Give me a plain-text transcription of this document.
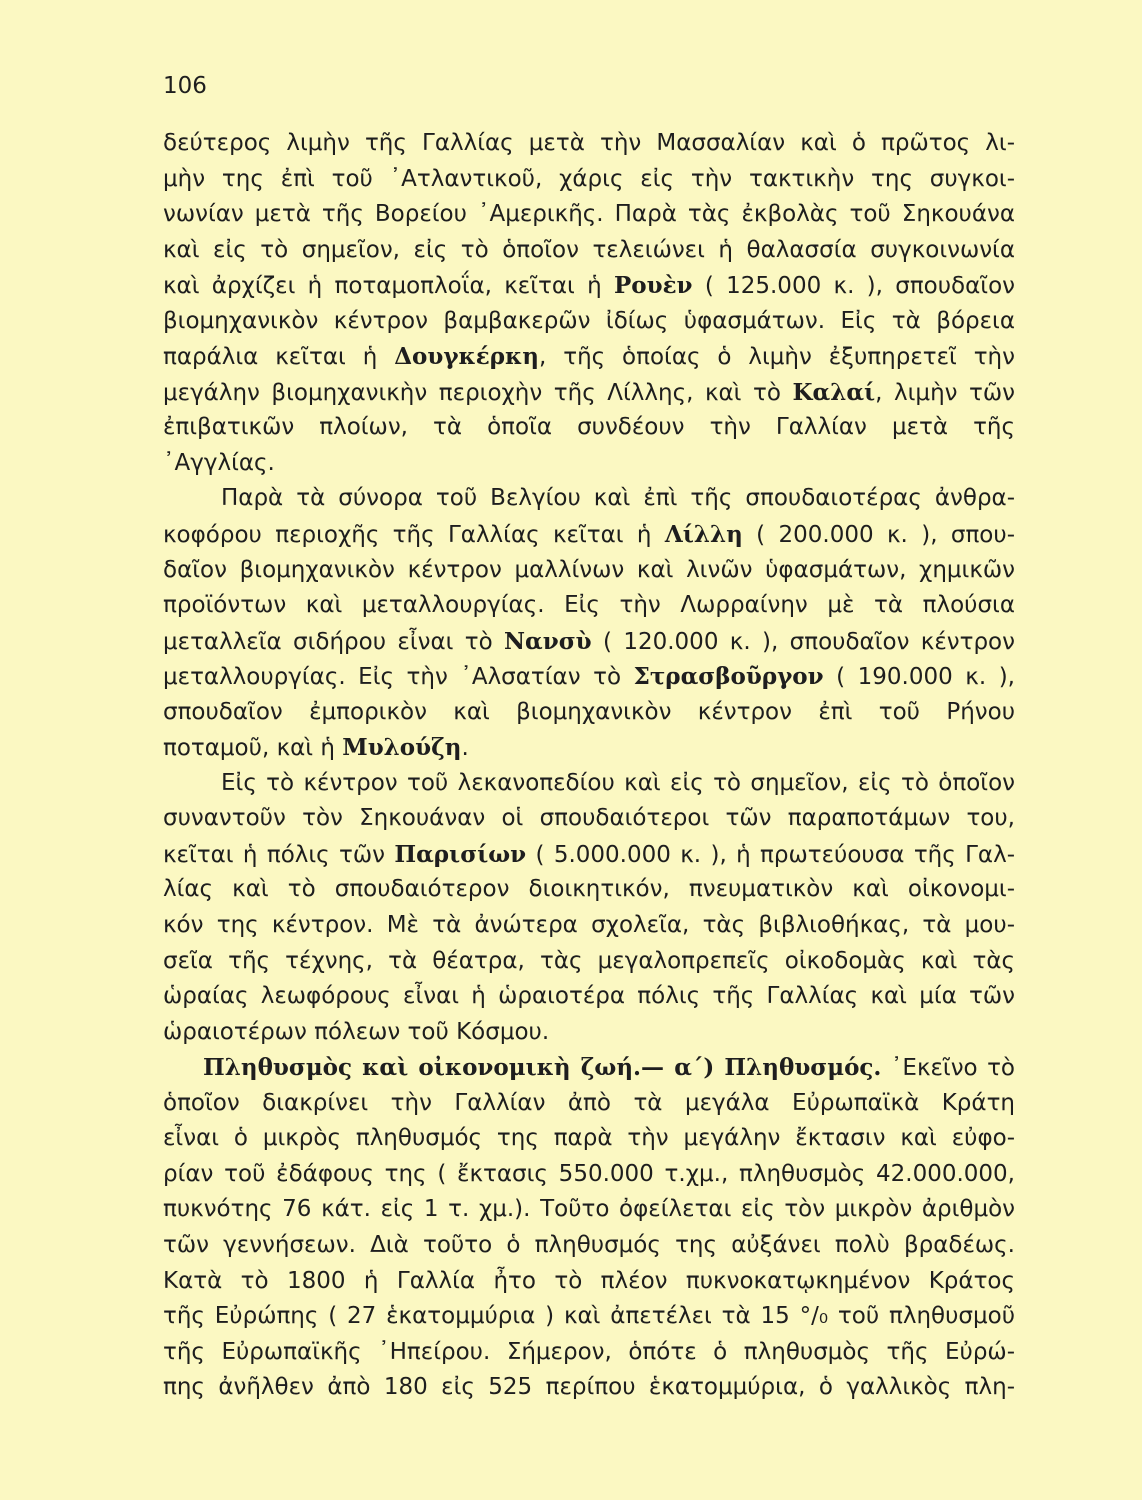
106
δεύτερος λιμὴν τῆς Γαλλίας μετὰ τὴν Μασσαλίαν καὶ ὁ πρῶτος λι-
μὴν της ἐπὶ τοῦ ᾿Ατλαντικοῦ, χάρις εἰς τὴν τακτικὴν της συγκοι-
νωνίαν μετὰ τῆς Βορείου ᾿Αμερικῆς. Παρὰ τὰς ἐκβολὰς τοῦ Σηκουάνα
καὶ εἰς τὸ σημεῖον, εἰς τὸ ὁποῖον τελειώνει ἡ θαλασσία συγκοινωνία
καὶ ἀρχίζει ἡ ποταμοπλοΐα, κεῖται ἡ Ρουὲν ( 125.000 κ. ), σπουδαῖον
βιομηχανικὸν κέντρον βαμβακερῶν ἰδίως ὑφασμάτων. Εἰς τὰ βόρεια
παράλια κεῖται ἡ Δουγκέρκη, τῆς ὁποίας ὁ λιμὴν ἐξυπηρετεῖ τὴν
μεγάλην βιομηχανικὴν περιοχὴν τῆς Λίλλης, καὶ τὸ Καλαί, λιμὴν τῶν
ἐπιβατικῶν πλοίων, τὰ ὁποῖα συνδέουν τὴν Γαλλίαν μετὰ τῆς
᾿Αγγλίας.
Παρὰ τὰ σύνορα τοῦ Βελγίου καὶ ἐπὶ τῆς σπουδαιοτέρας ἀνθρα-
κοφόρου περιοχῆς τῆς Γαλλίας κεῖται ἡ Λίλλη ( 200.000 κ. ), σπου-
δαῖον βιομηχανικὸν κέντρον μαλλίνων καὶ λινῶν ὑφασμάτων, χημικῶν
προϊόντων καὶ μεταλλουργίας. Εἰς τὴν Λωρραίνην μὲ τὰ πλούσια
μεταλλεῖα σιδήρου εἶναι τὸ Νανσὺ ( 120.000 κ. ), σπουδαῖον κέντρον
μεταλλουργίας. Εἰς τὴν ᾿Αλσατίαν τὸ Στρασβοῦργον ( 190.000 κ. ),
σπουδαῖον ἐμπορικὸν καὶ βιομηχανικὸν κέντρον ἐπὶ τοῦ Ρήνου
ποταμοῦ, καὶ ἡ Μυλούζη.
Εἰς τὸ κέντρον τοῦ λεκανοπεδίου καὶ εἰς τὸ σημεῖον, εἰς τὸ ὁποῖον
συναντοῦν τὸν Σηκουάναν οἱ σπουδαιότεροι τῶν παραποτάμων του,
κεῖται ἡ πόλις τῶν Παρισίων ( 5.000.000 κ. ), ἡ πρωτεύουσα τῆς Γαλ-
λίας καὶ τὸ σπουδαιότερον διοικητικόν, πνευματικὸν καὶ οἰκονομι-
κόν της κέντρον. Μὲ τὰ ἀνώτερα σχολεῖα, τὰς βιβλιοθήκας, τὰ μου-
σεῖα τῆς τέχνης, τὰ θέατρα, τὰς μεγαλοπρεπεῖς οἰκοδομὰς καὶ τὰς
ὡραίας λεωφόρους εἶναι ἡ ὡραιοτέρα πόλις τῆς Γαλλίας καὶ μία τῶν
ὡραιοτέρων πόλεων τοῦ Κόσμου.
Πληθυσμὸς καὶ οἰκονομικὴ ζωή.— α΄) Πληθυσμός. ᾿Εκεῖνο τὸ
ὁποῖον διακρίνει τὴν Γαλλίαν ἀπὸ τὰ μεγάλα Εὐρωπαϊκὰ Κράτη
εἶναι ὁ μικρὸς πληθυσμός της παρὰ τὴν μεγάλην ἔκτασιν καὶ εὐφο-
ρίαν τοῦ ἐδάφους της ( ἔκτασις 550.000 τ.χμ., πληθυσμὸς 42.000.000,
πυκνότης 76 κάτ. εἰς 1 τ. χμ.). Τοῦτο ὀφείλεται εἰς τὸν μικρὸν ἀριθμὸν
τῶν γεννήσεων. Διὰ τοῦτο ὁ πληθυσμός της αὐξάνει πολὺ βραδέως.
Κατὰ τὸ 1800 ἡ Γαλλία ἦτο τὸ πλέον πυκνοκατῳκημένον Κράτος
τῆς Εὐρώπης ( 27 ἑκατομμύρια ) καὶ ἀπετέλει τὰ 15 °/₀ τοῦ πληθυσμοῦ
τῆς Εὐρωπαϊκῆς ᾿Ηπείρου. Σήμερον, ὁπότε ὁ πληθυσμὸς τῆς Εὐρώ-
πης ἀνῆλθεν ἀπὸ 180 εἰς 525 περίπου ἑκατομμύρια, ὁ γαλλικὸς πλη-
